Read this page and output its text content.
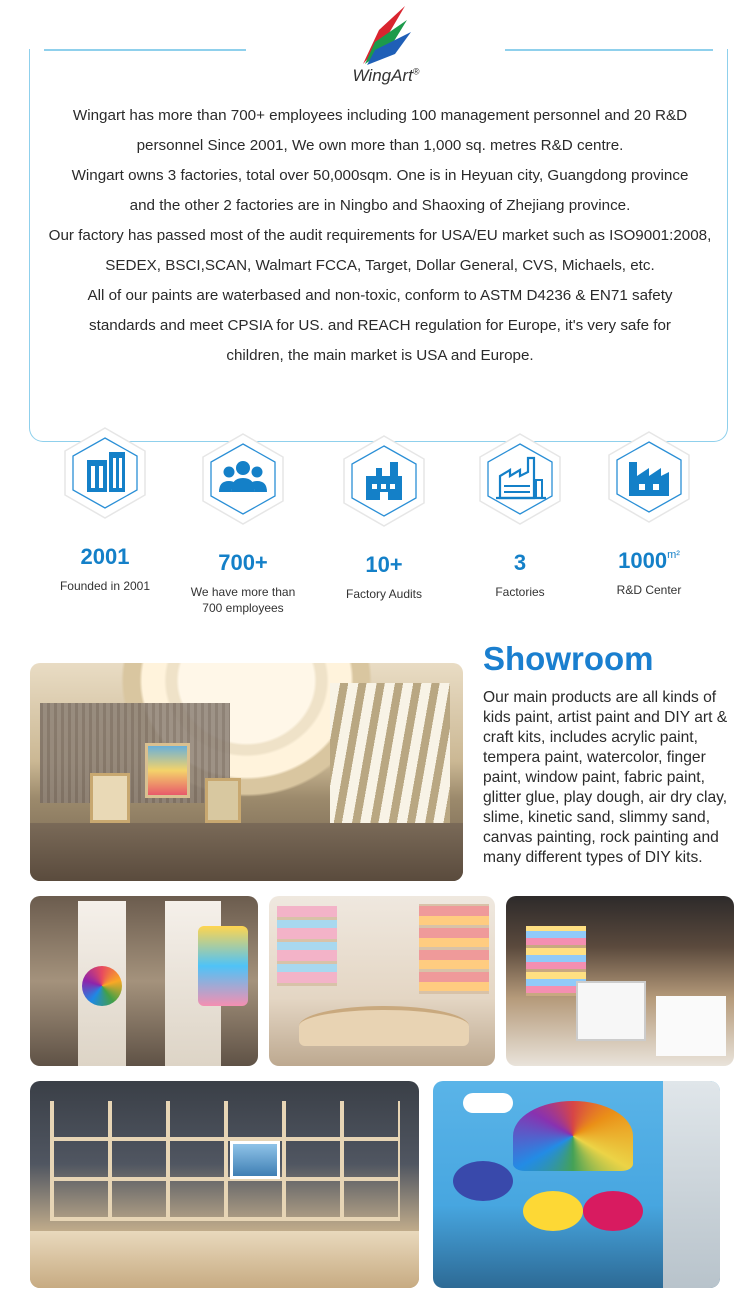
WingArt®

Wingart has more than 700+ employees including 100 management personnel and 20 R&D personnel Since 2001, We own more than 1,000 sq. metres R&D centre.

Wingart owns 3 factories, total over 50,000sqm. One is in Heyuan city, Guangdong province and the other 2 factories are in Ningbo and Shaoxing of Zhejiang province.

Our factory has passed most of the audit requirements for USA/EU market such as ISO9001:2008, SEDEX, BSCI,SCAN, Walmart FCCA, Target, Dollar General, CVS, Michaels, etc.

All of our paints are waterbased and non-toxic, conform to ASTM D4236 & EN71 safety standards and meet CPSIA for US. and REACH regulation for Europe, it's very safe for children, the main market is USA and Europe.

2001
Founded in 2001
700+
We have more than 700 employees
10+
Factory Audits
3
Factories
$1000^{m^2}$
R&D Center
Showroom
Our main products are all kinds of kids paint, artist paint and DIY art & craft kits, includes acrylic paint, tempera paint, watercolor, finger paint, window paint, fabric paint, glitter glue, play dough, air dry clay, slime, kinetic sand, slimmy sand, canvas painting, rock painting and many different types of DIY kits.
